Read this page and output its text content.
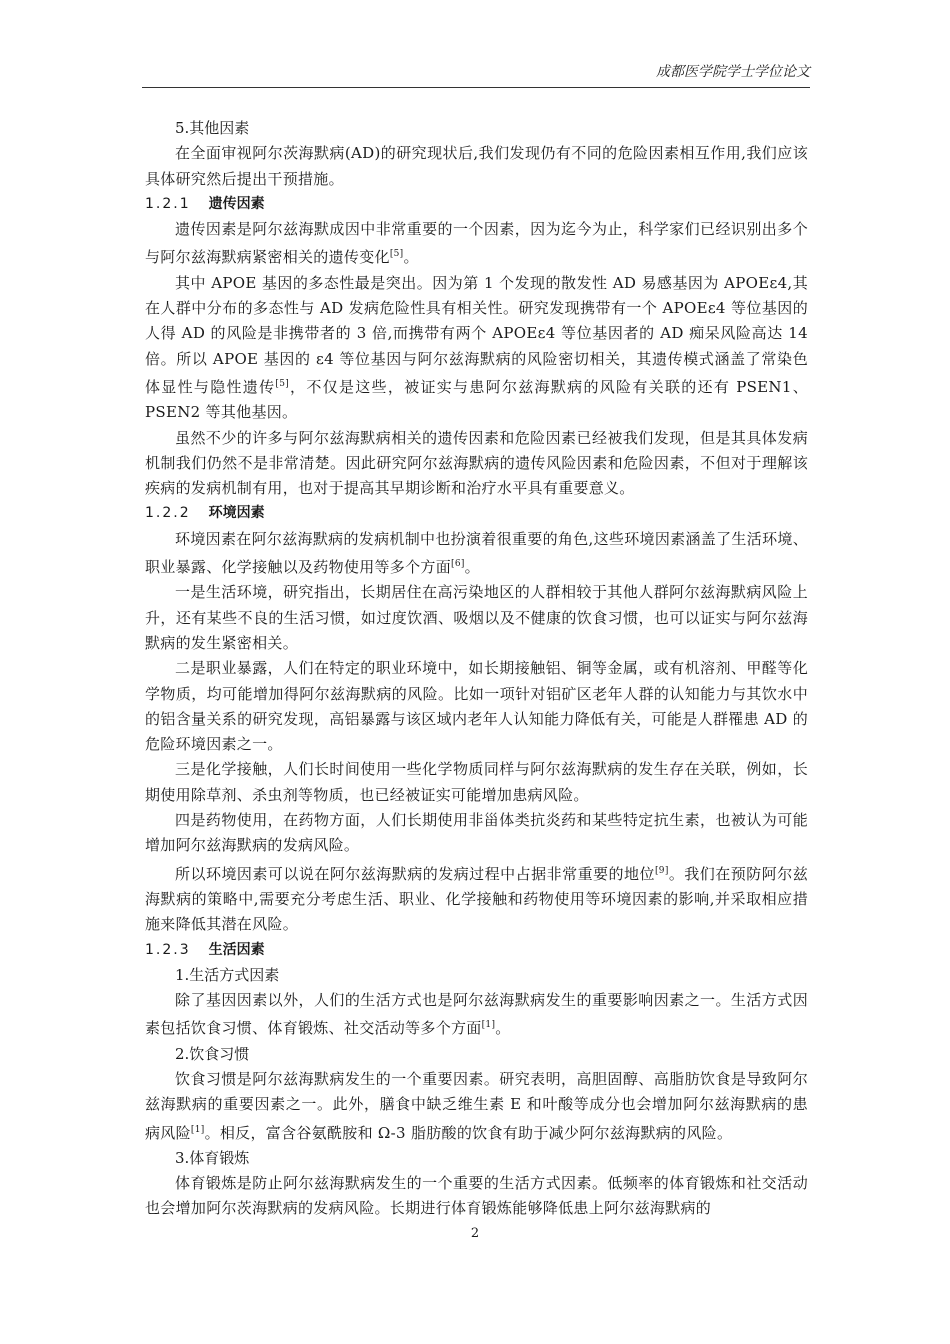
成都医学院学士学位论文

5.其他因素

在全面审视阿尔茨海默病(AD)的研究现状后,我们发现仍有不同的危险因素相互作用,我们应该具体研究然后提出干预措施。

1.2.1 遗传因素

遗传因素是阿尔兹海默成因中非常重要的一个因素，因为迄今为止，科学家们已经识别出多个与阿尔兹海默病紧密相关的遗传变化[5]。

其中 APOE 基因的多态性最是突出。因为第 1 个发现的散发性 AD 易感基因为 APOEε4,其在人群中分布的多态性与 AD 发病危险性具有相关性。研究发现携带有一个 APOEε4 等位基因的人得 AD 的风险是非携带者的 3 倍,而携带有两个 APOEε4 等位基因者的 AD 痴呆风险高达 14 倍。所以 APOE 基因的 ε4 等位基因与阿尔兹海默病的风险密切相关，其遗传模式涵盖了常染色体显性与隐性遗传[5]，不仅是这些，被证实与患阿尔兹海默病的风险有关联的还有 PSEN1、PSEN2 等其他基因。

虽然不少的许多与阿尔兹海默病相关的遗传因素和危险因素已经被我们发现，但是其具体发病机制我们仍然不是非常清楚。因此研究阿尔兹海默病的遗传风险因素和危险因素，不但对于理解该疾病的发病机制有用，也对于提高其早期诊断和治疗水平具有重要意义。

1.2.2 环境因素

环境因素在阿尔兹海默病的发病机制中也扮演着很重要的角色,这些环境因素涵盖了生活环境、职业暴露、化学接触以及药物使用等多个方面[6]。

一是生活环境，研究指出，长期居住在高污染地区的人群相较于其他人群阿尔兹海默病风险上升，还有某些不良的生活习惯，如过度饮酒、吸烟以及不健康的饮食习惯，也可以证实与阿尔兹海默病的发生紧密相关。

二是职业暴露，人们在特定的职业环境中，如长期接触铝、铜等金属，或有机溶剂、甲醛等化学物质，均可能增加得阿尔兹海默病的风险。比如一项针对铝矿区老年人群的认知能力与其饮水中的铝含量关系的研究发现，高铝暴露与该区域内老年人认知能力降低有关，可能是人群罹患 AD 的危险环境因素之一。

三是化学接触，人们长时间使用一些化学物质同样与阿尔兹海默病的发生存在关联，例如，长期使用除草剂、杀虫剂等物质，也已经被证实可能增加患病风险。

四是药物使用，在药物方面，人们长期使用非甾体类抗炎药和某些特定抗生素，也被认为可能增加阿尔兹海默病的发病风险。

所以环境因素可以说在阿尔兹海默病的发病过程中占据非常重要的地位[9]。我们在预防阿尔兹海默病的策略中,需要充分考虑生活、职业、化学接触和药物使用等环境因素的影响,并采取相应措施来降低其潜在风险。

1.2.3 生活因素

1.生活方式因素

除了基因因素以外，人们的生活方式也是阿尔兹海默病发生的重要影响因素之一。生活方式因素包括饮食习惯、体育锻炼、社交活动等多个方面[1]。

2.饮食习惯

饮食习惯是阿尔兹海默病发生的一个重要因素。研究表明，高胆固醇、高脂肪饮食是导致阿尔兹海默病的重要因素之一。此外，膳食中缺乏维生素 E 和叶酸等成分也会增加阿尔兹海默病的患病风险[1]。相反，富含谷氨酰胺和 Ω-3 脂肪酸的饮食有助于减少阿尔兹海默病的风险。

3.体育锻炼

体育锻炼是防止阿尔兹海默病发生的一个重要的生活方式因素。低频率的体育锻炼和社交活动也会增加阿尔茨海默病的发病风险。长期进行体育锻炼能够降低患上阿尔兹海默病的

2
